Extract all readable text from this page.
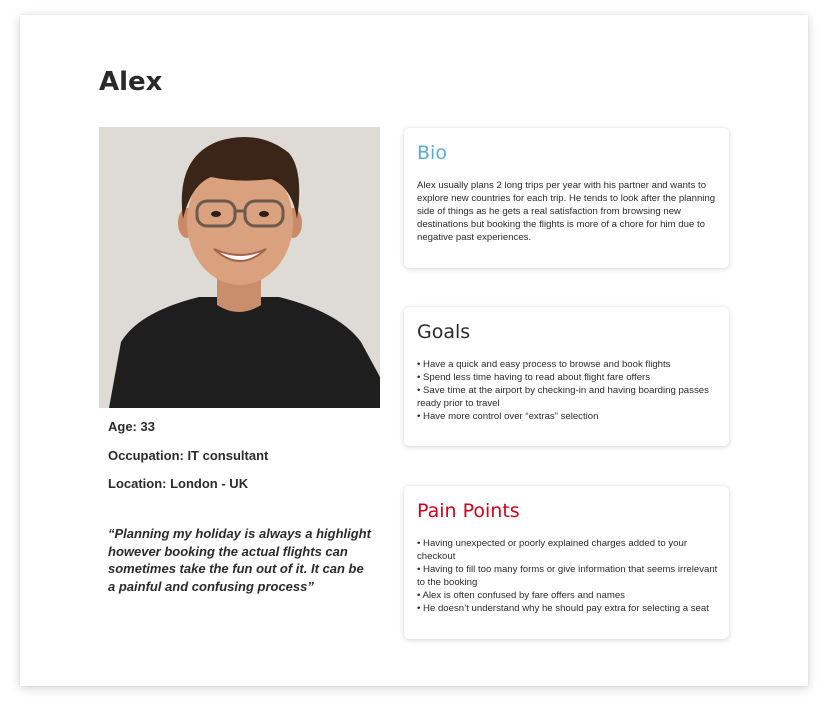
Alex
Age: 33
Occupation: IT consultant
Location: London - UK
“Planning my holiday is always a highlight however booking the actual flights can sometimes take the fun out of it. It can be a painful and confusing process”
Bio
Alex usually plans 2 long trips per year with his partner and wants to explore new countries for each trip. He tends to look after the planning side of things as he gets a real satisfaction from browsing new destinations but booking the flights is more of a chore for him due to negative past experiences.
Goals
• Have a quick and easy process to browse and book flights
• Spend less time having to read about flight fare offers
• Save time at the airport by checking-in and having boarding passes ready prior to travel
• Have more control over “extras” selection
Pain Points
• Having unexpected or poorly explained charges added to your checkout
• Having to fill too many forms or give information that seems irrelevant to the booking
• Alex is often confused by fare offers and names
• He doesn’t understand why he should pay extra for selecting a seat
